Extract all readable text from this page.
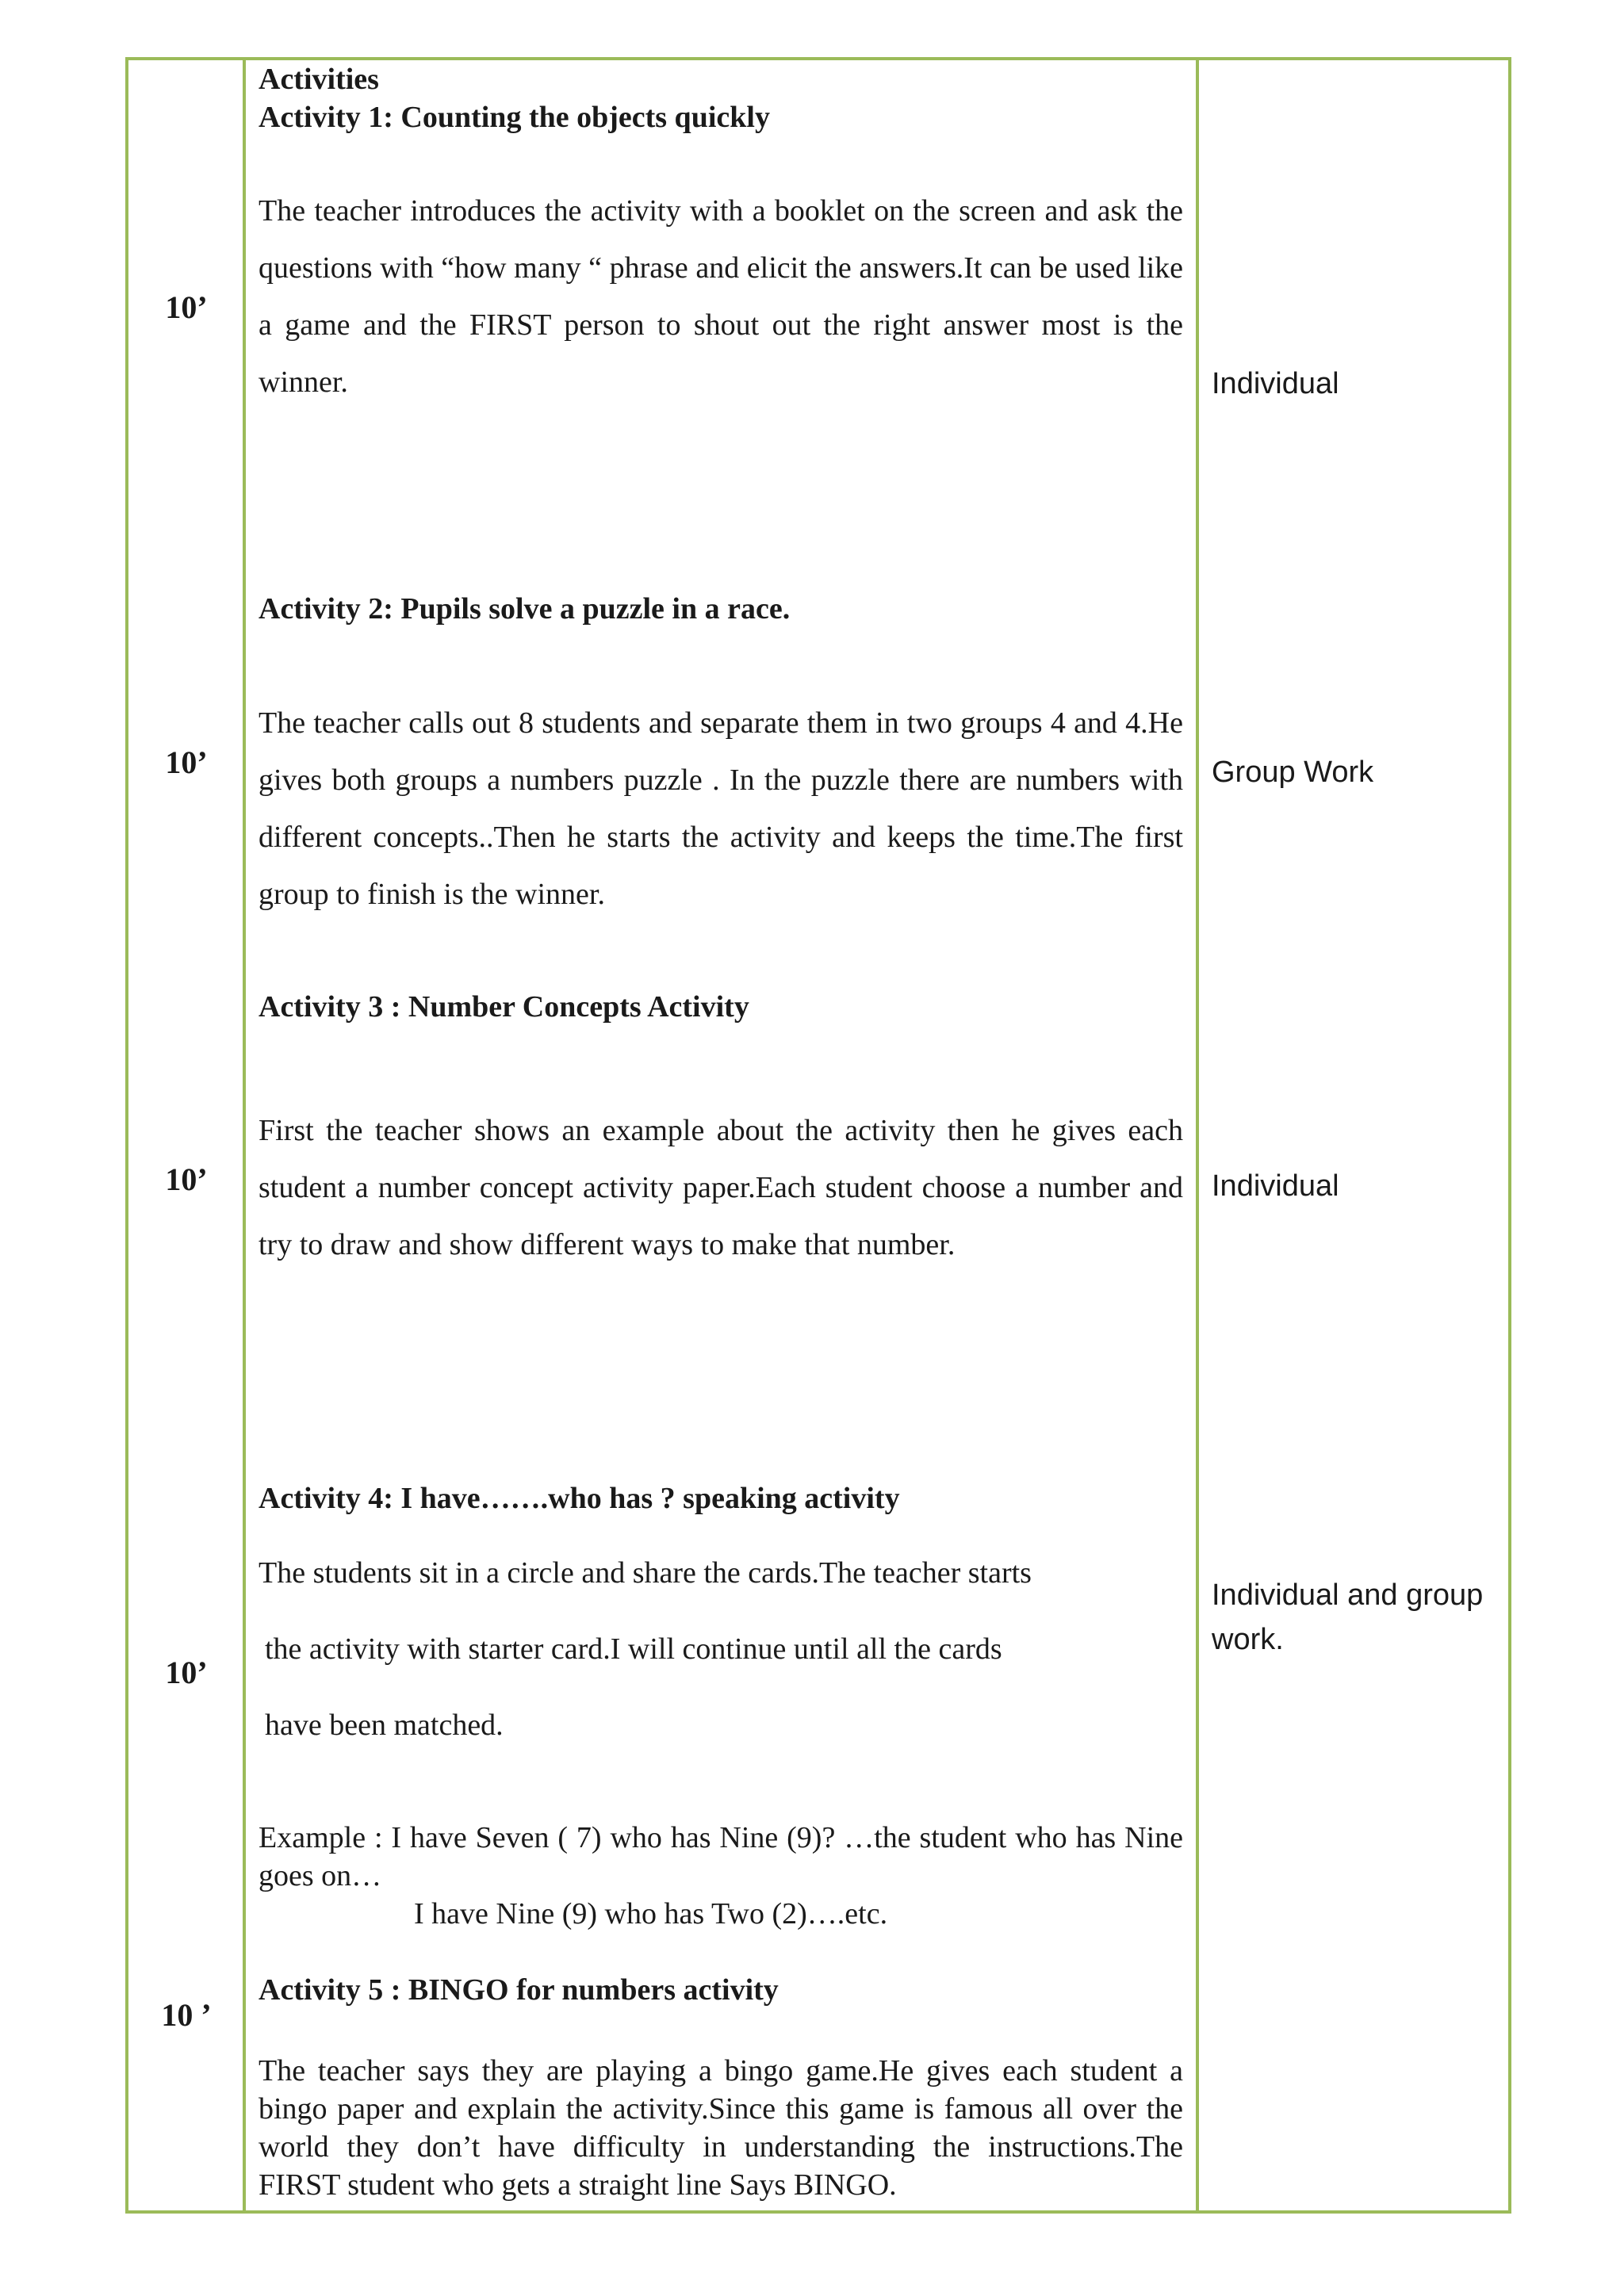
10’
10’
10’
10’
10 ’
Individual
Group Work
Individual
Individual and group work.
Activities
Activity 1: Counting the objects quickly
The teacher introduces the activity with a booklet on the screen and ask the questions with “how many “ phrase and elicit the answers.It can be used like a game and the FIRST person to shout out the right answer most is the winner.
Activity 2: Pupils solve a puzzle in a race.
The teacher calls out 8 students and separate them in two groups 4 and 4.He gives both groups a numbers puzzle . In the puzzle there are numbers with different concepts..Then he starts the activity and keeps the time.The first group to finish is the winner.
Activity 3 : Number Concepts Activity
First the teacher shows an example about the activity then he gives each student a number concept activity paper.Each student choose a number and try to draw and show different ways to make that number.
Activity 4: I have…….who has ? speaking activity
The students sit in a circle and share the cards.The teacher starts
the activity with starter card.I will continue until all the cards
have been matched.
Example : I have Seven ( 7) who has Nine (9)? …the student who has Nine goes on…
I have Nine (9) who has Two (2)….etc.
Activity 5 : BINGO for numbers activity
The teacher says they are playing a bingo game.He gives each student a bingo paper and explain the activity.Since this game is famous all over the world they don’t have difficulty in understanding the instructions.The FIRST student who gets a straight line Says BINGO.
